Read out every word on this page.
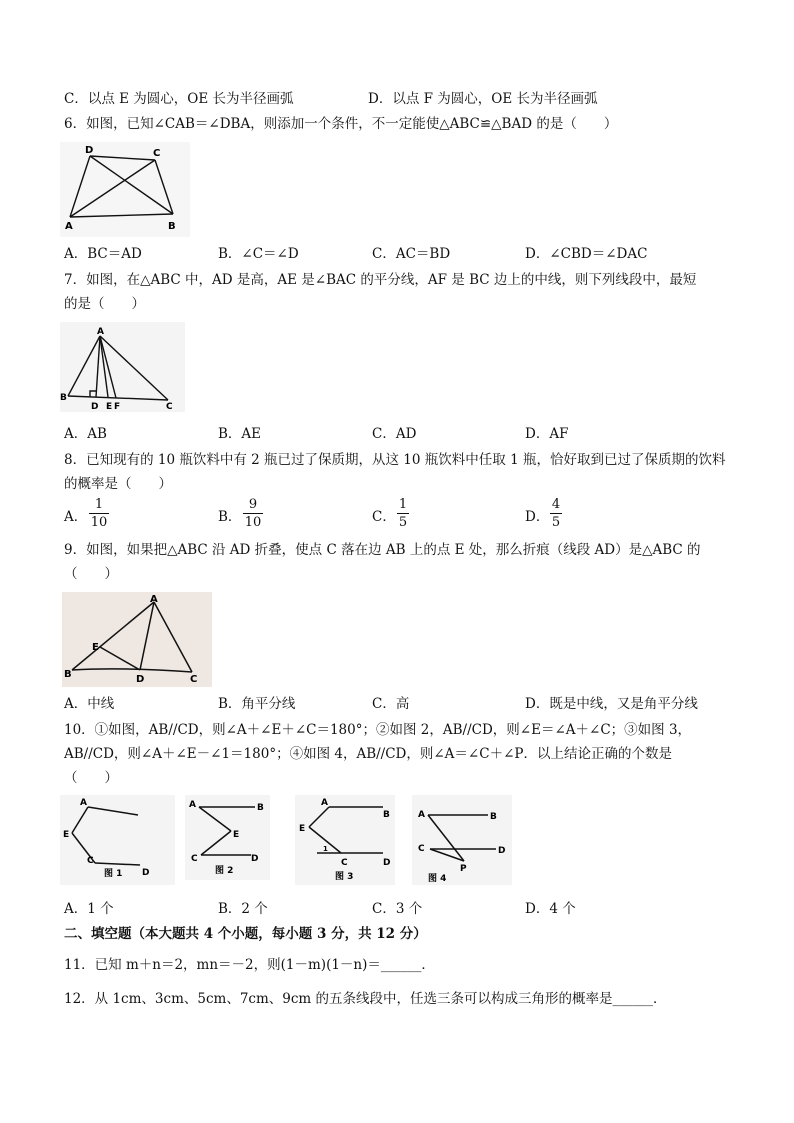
C．以点 E 为圆心，OE 长为半径画弧	D．以点 F 为圆心，OE 长为半径画弧
6．如图，已知∠CAB＝∠DBA，则添加一个条件，不一定能使△ABC≌△BAD 的是（　　）
D	C
A	B
A．BC＝AD	B．∠C＝∠D	C．AC＝BD	D．∠CBD＝∠DAC
7．如图，在△ABC 中，AD 是高，AE 是∠BAC 的平分线，AF 是 BC 边上的中线，则下列线段中，最短
的是（　　）
A
B
D E F	C
A．AB	B．AE	C．AD	D．AF
8．已知现有的 10 瓶饮料中有 2 瓶已过了保质期，从这 10 瓶饮料中任取 1 瓶，恰好取到已过了保质期的饮料
的概率是（　　）
A．
1
10	B．
9
10	C．
1
5	D．
4
5
9．如图，如果把△ABC 沿 AD 折叠，使点 C 落在边 AB 上的点 E 处，那么折痕（线段 AD）是△ABC 的
（　　）
A
E
B	D	C
A．中线	B．角平分线	C．高	D．既是中线，又是角平分线
10．①如图，AB//CD，则∠A＋∠E＋∠C＝180°；②如图 2，AB//CD，则∠E＝∠A＋∠C；③如图 3，
AB//CD，则∠A＋∠E－∠1＝180°；④如图 4，AB//CD，则∠A＝∠C＋∠P．以上结论正确的个数是
（　　）
A
E
C
D
图 1
A	B
E
C	D
图 2
A
B
E
1
C	D
图 3
A	B
C	D
P
图 4
A．1 个	B．2 个	C．3 个	D．4 个
二、填空题（本大题共 4 个小题，每小题 3 分，共 12 分）
11．已知 m＋n＝2，mn＝－2，则(1－m)(1－n)＝______．
12．从 1cm、3cm、5cm、7cm、9cm 的五条线段中，任选三条可以构成三角形的概率是______．
